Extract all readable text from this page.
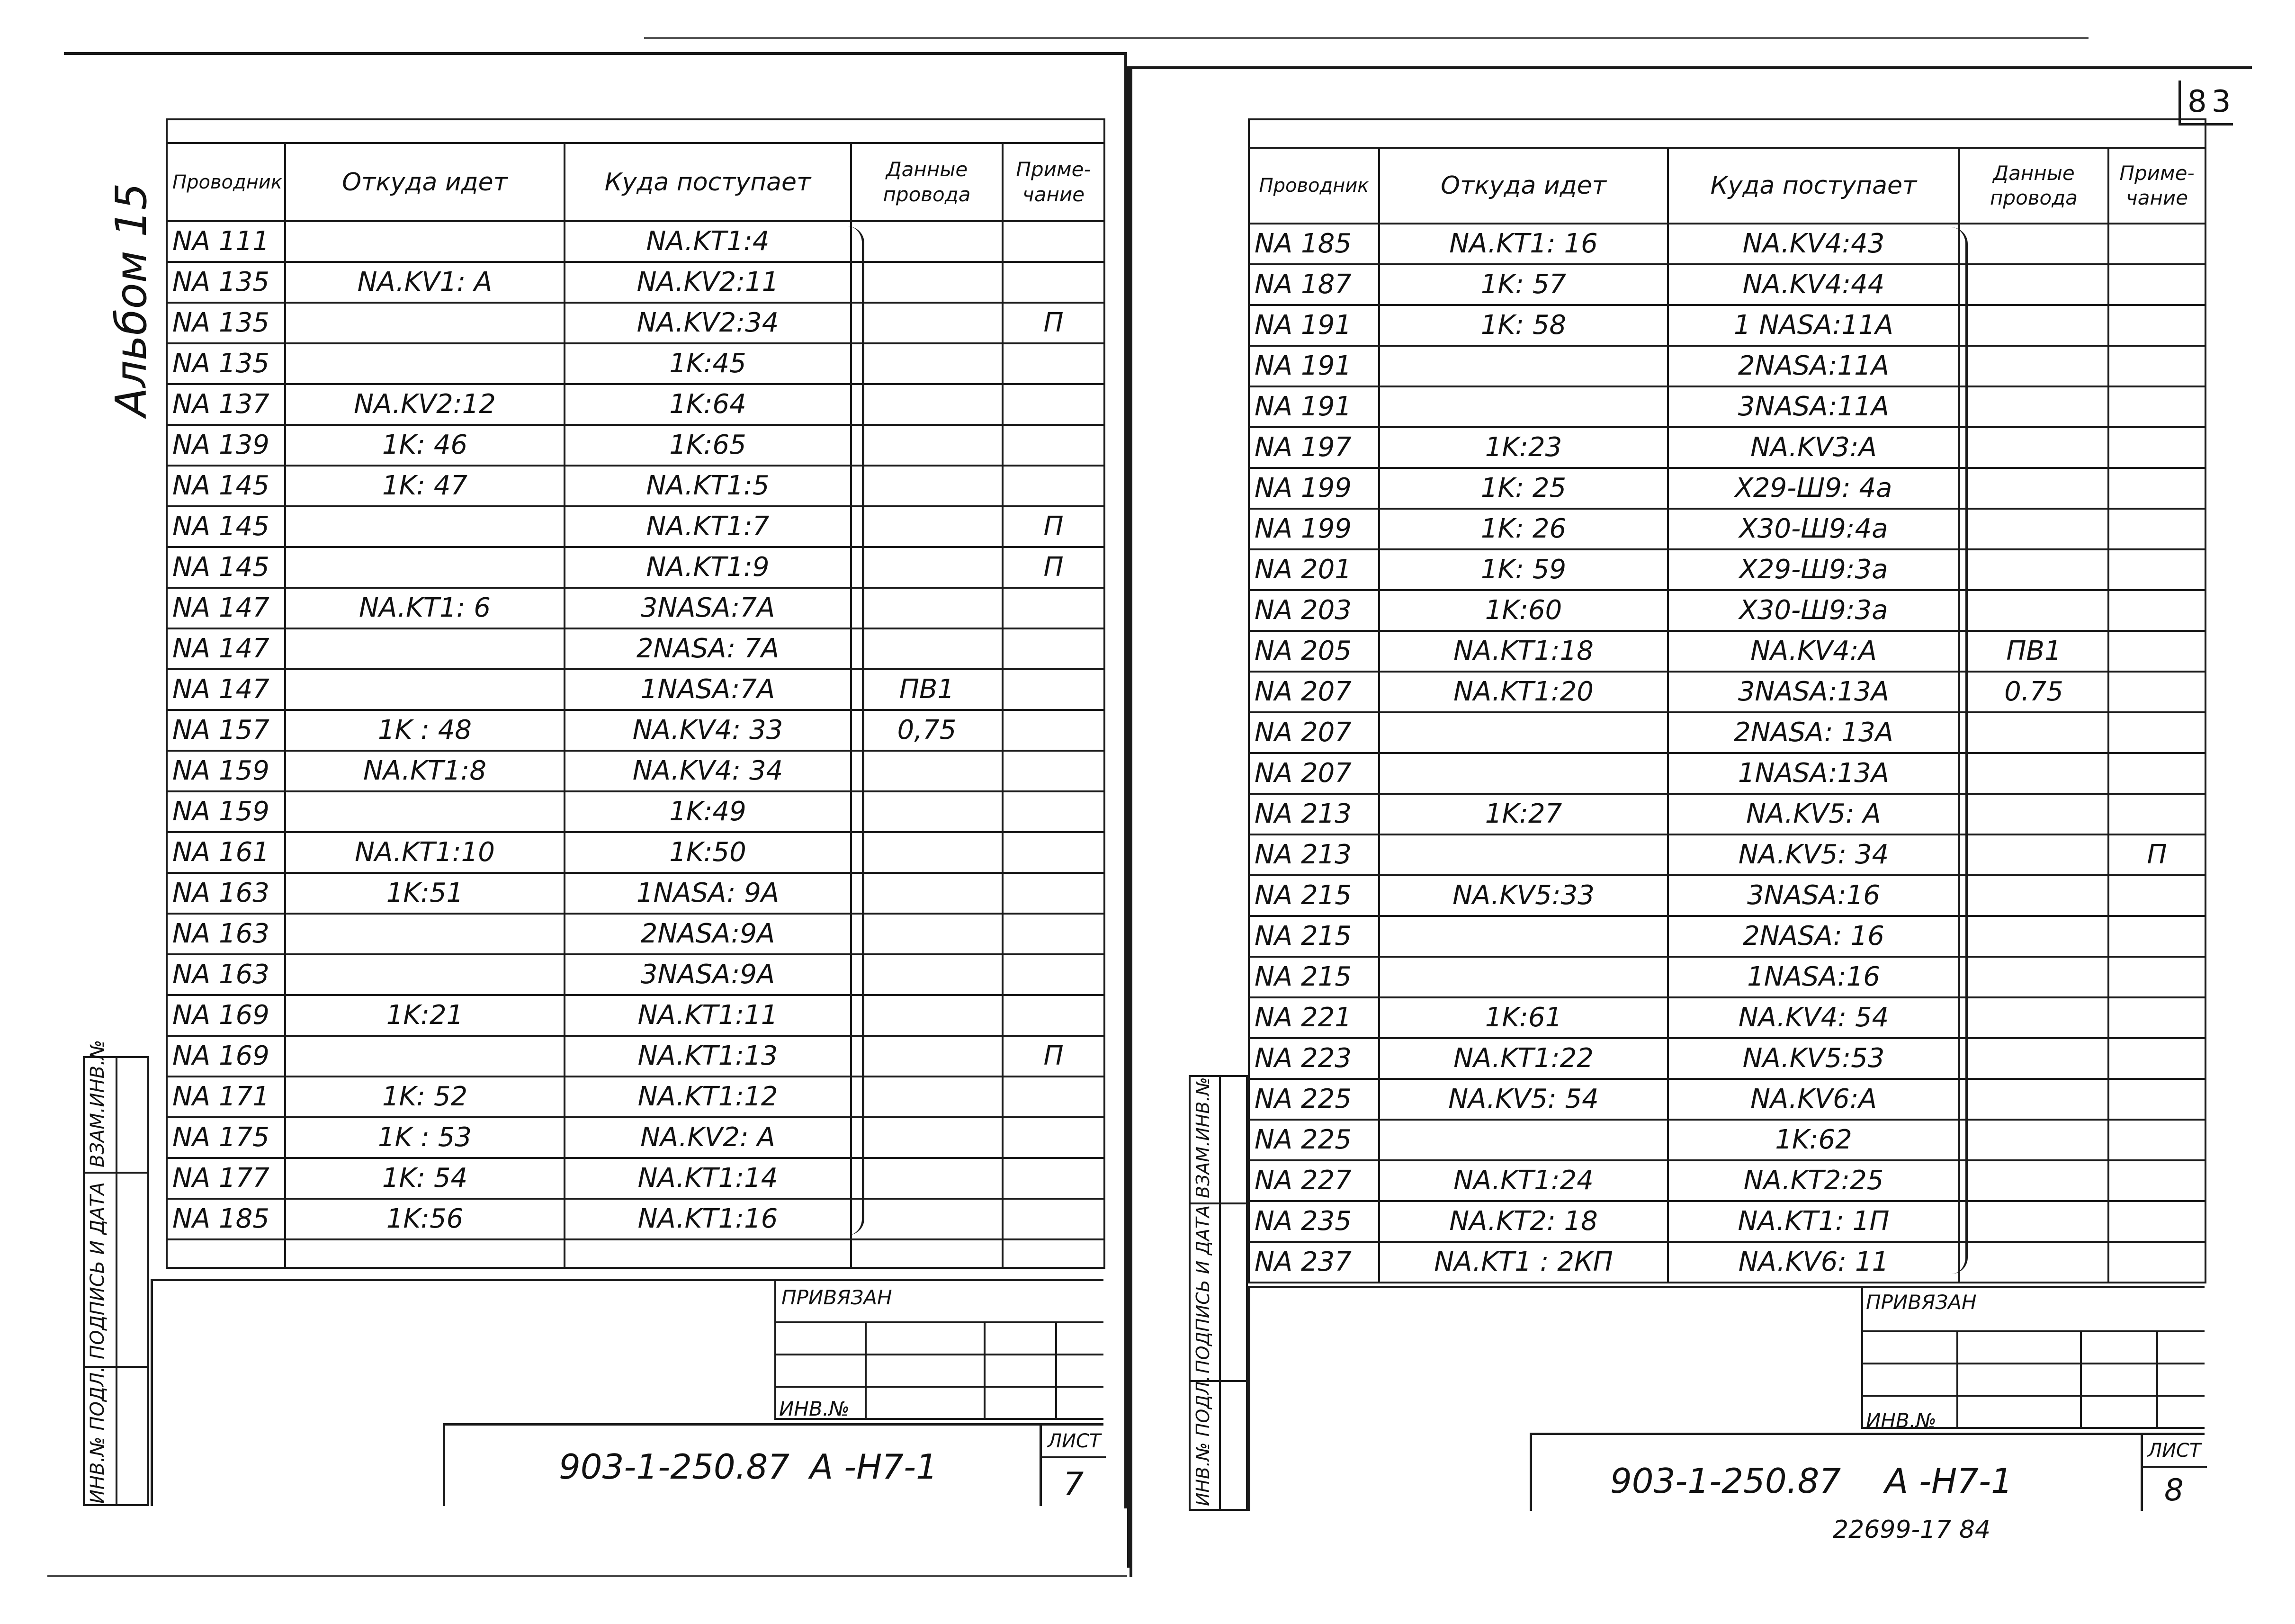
83
Альбом 15

Проводник	Откуда идет	Куда поступает	Данные провода	Приме-чание
NA 111		NA.KT1:4		
NA 135	NA.KV1: A	NA.KV2:11		
NA 135		NA.KV2:34		П
NA 135		1K:45		
NA 137	NA.KV2:12	1K:64		
NA 139	1K: 46	1K:65		
NA 145	1K: 47	NA.KT1:5		
NA 145		NA.KT1:7		П
NA 145		NA.KT1:9		П
NA 147	NA.KT1: 6	3NASA:7A		
NA 147		2NASA: 7A		
NA 147		1NASA:7A	ПВ1	
NA 157	1K : 48	NA.KV4: 33	0,75	
NA 159	NA.KT1:8	NA.KV4: 34		
NA 159		1K:49		
NA 161	NA.KT1:10	1K:50		
NA 163	1K:51	1NASA: 9A		
NA 163		2NASA:9A		
NA 163		3NASA:9A		
NA 169	1K:21	NA.KT1:11		
NA 169		NA.KT1:13		П
NA 171	1K: 52	NA.KT1:12		
NA 175	1K : 53	NA.KV2: A		
NA 177	1K: 54	NA.KT1:14		
NA 185	1K:56	NA.KT1:16		

ПРИВЯЗАН
ИНВ.№
ЛИСТ
7
903-1-250.87 А -Н7-1
ВЗАМ.ИНВ.№
ПОДПИСЬ И ДАТА
ИНВ.№ ПОДЛ.

Проводник	Откуда идет	Куда поступает	Данные провода	Приме-чание
NA 185	NA.KT1: 16	NA.KV4:43		
NA 187	1K: 57	NA.KV4:44		
NA 191	1K: 58	1 NASA:11A		
NA 191		2NASA:11A		
NA 191		3NASA:11A		
NA 197	1K:23	NA.KV3:A		
NA 199	1K: 25	X29-Ш9: 4a		
NA 199	1K: 26	X30-Ш9:4a		
NA 201	1K: 59	X29-Ш9:3a		
NA 203	1K:60	X30-Ш9:3a		
NA 205	NA.KT1:18	NA.KV4:A	ПВ1	
NA 207	NA.KT1:20	3NASA:13A	0.75	
NA 207		2NASA: 13A		
NA 207		1NASA:13A		
NA 213	1K:27	NA.KV5: A		
NA 213		NA.KV5: 34		П
NA 215	NA.KV5:33	3NASA:16		
NA 215		2NASA: 16		
NA 215		1NASA:16		
NA 221	1K:61	NA.KV4: 54		
NA 223	NA.KT1:22	NA.KV5:53		
NA 225	NA.KV5: 54	NA.KV6:A		
NA 225		1K:62		
NA 227	NA.KT1:24	NA.KT2:25		
NA 235	NA.KT2: 18	NA.KT1: 1П		
NA 237	NA.KT1 : 2КП	NA.KV6: 11		

ПРИВЯЗАН
ИНВ.№
ЛИСТ
8
903-1-250.87 А -Н7-1
22699-17 84
ВЗАМ.ИНВ.№
ПОДПИСЬ И ДАТА
ИНВ.№ ПОДЛ.
